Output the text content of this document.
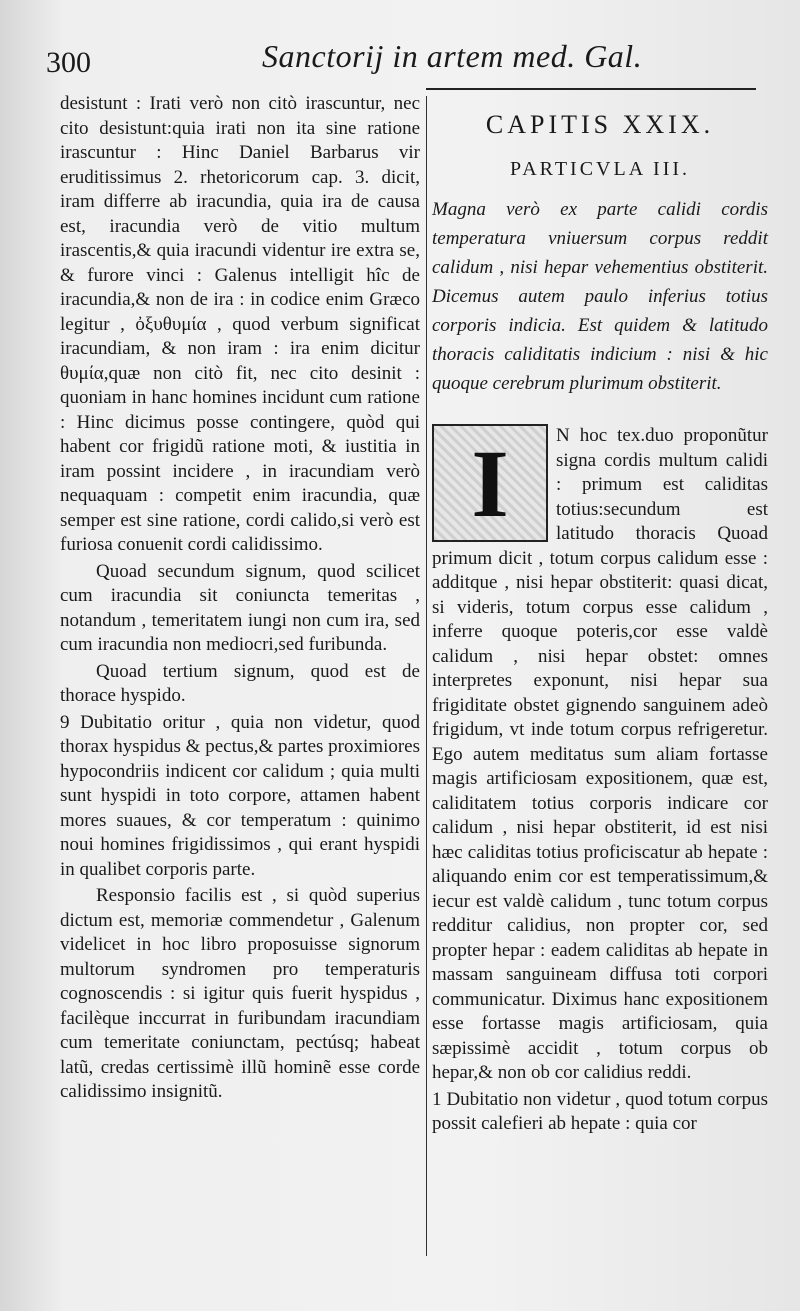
300	Sanctorij in artem med. Gal.

desistunt : Irati verò non citò irascuntur, nec cito desistunt:quia irati non ita sine ratione irascuntur : Hinc Daniel Barbarus vir eruditissimus 2. rhetoricorum cap. 3. dicit, iram differre ab iracundia, quia ira de causa est, iracundia verò de vitio multum irascentis,& quia iracundi videntur ire extra se, & furore vinci : Galenus intelligit hîc de iracundia,& non de ira : in codice enim Græco legitur , ὀξυθυμία , quod verbum significat iracundiam, & non iram : ira enim dicitur θυμία,quæ non citò fit, nec cito desinit : quoniam in hanc homines incidunt cum ratione : Hinc dicimus posse contingere, quòd qui habent cor frigidũ ratione moti, & iustitia in iram possint incidere , in iracundiam verò nequaquam : competit enim iracundia, quæ semper est sine ratione, cordi calido,si verò est furiosa conuenit cordi calidissimo.

Quoad secundum signum, quod scilicet cum iracundia sit coniuncta temeritas , notandum , temeritatem iungi non cum ira, sed cum iracundia non mediocri,sed furibunda.

Quoad tertium signum, quod est de thorace hyspido.

9 Dubitatio oritur , quia non videtur, quod thorax hyspidus & pectus,& partes proximiores hypocondriis indicent cor calidum ; quia multi sunt hyspidi in toto corpore, attamen habent mores suaues, & cor temperatum : quinimo noui homines frigidissimos , qui erant hyspidi in qualibet corporis parte.

Responsio facilis est , si quòd superius dictum est, memoriæ commendetur , Galenum videlicet in hoc libro proposuisse signorum multorum syndromen pro temperaturis cognoscendis : si igitur quis fuerit hyspidus , facilèque inccurrat in furibundam iracundiam cum temeritate coniunctam, pectúsq; habeat latũ, credas certissimè illũ hominẽ esse corde calidissimo insignitũ.

CAPITIS XXIX.
PARTICVLA III.
Magna verò ex parte calidi cordis temperatura vniuersum corpus reddit calidum , nisi hepar vehementius obstiterit. Dicemus autem paulo inferius totius corporis indicia. Est quidem & latitudo thoracis caliditatis indicium : nisi & hic quoque cerebrum plurimum obstiterit.
I	N hoc tex.duo proponũtur signa cordis multum calidi : primum est caliditas totius:secundum est latitudo thoracis Quoad primum dicit , totum corpus calidum esse : additque , nisi hepar obstiterit: quasi dicat, si videris, totum corpus esse calidum , inferre quoque poteris,cor esse valdè calidum , nisi hepar obstet: omnes interpretes exponunt, nisi hepar sua frigiditate obstet gignendo sanguinem adeò frigidum, vt inde totum corpus refrigeretur. Ego autem meditatus sum aliam fortasse magis artificiosam expositionem, quæ est, caliditatem totius corporis indicare cor calidum , nisi hepar obstiterit, id est nisi hæc caliditas totius proficiscatur ab hepate : aliquando enim cor est temperatissimum,& iecur est valdè calidum , tunc totum corpus redditur calidius, non propter cor, sed propter hepar : eadem caliditas ab hepate in massam sanguineam diffusa toti corpori communicatur. Diximus hanc expositionem esse fortasse magis artificiosam, quia sæpissimè accidit , totum corpus ob hepar,& non ob cor calidius reddi.

1 Dubitatio non videtur , quod totum corpus possit calefieri ab hepate : quia cor
